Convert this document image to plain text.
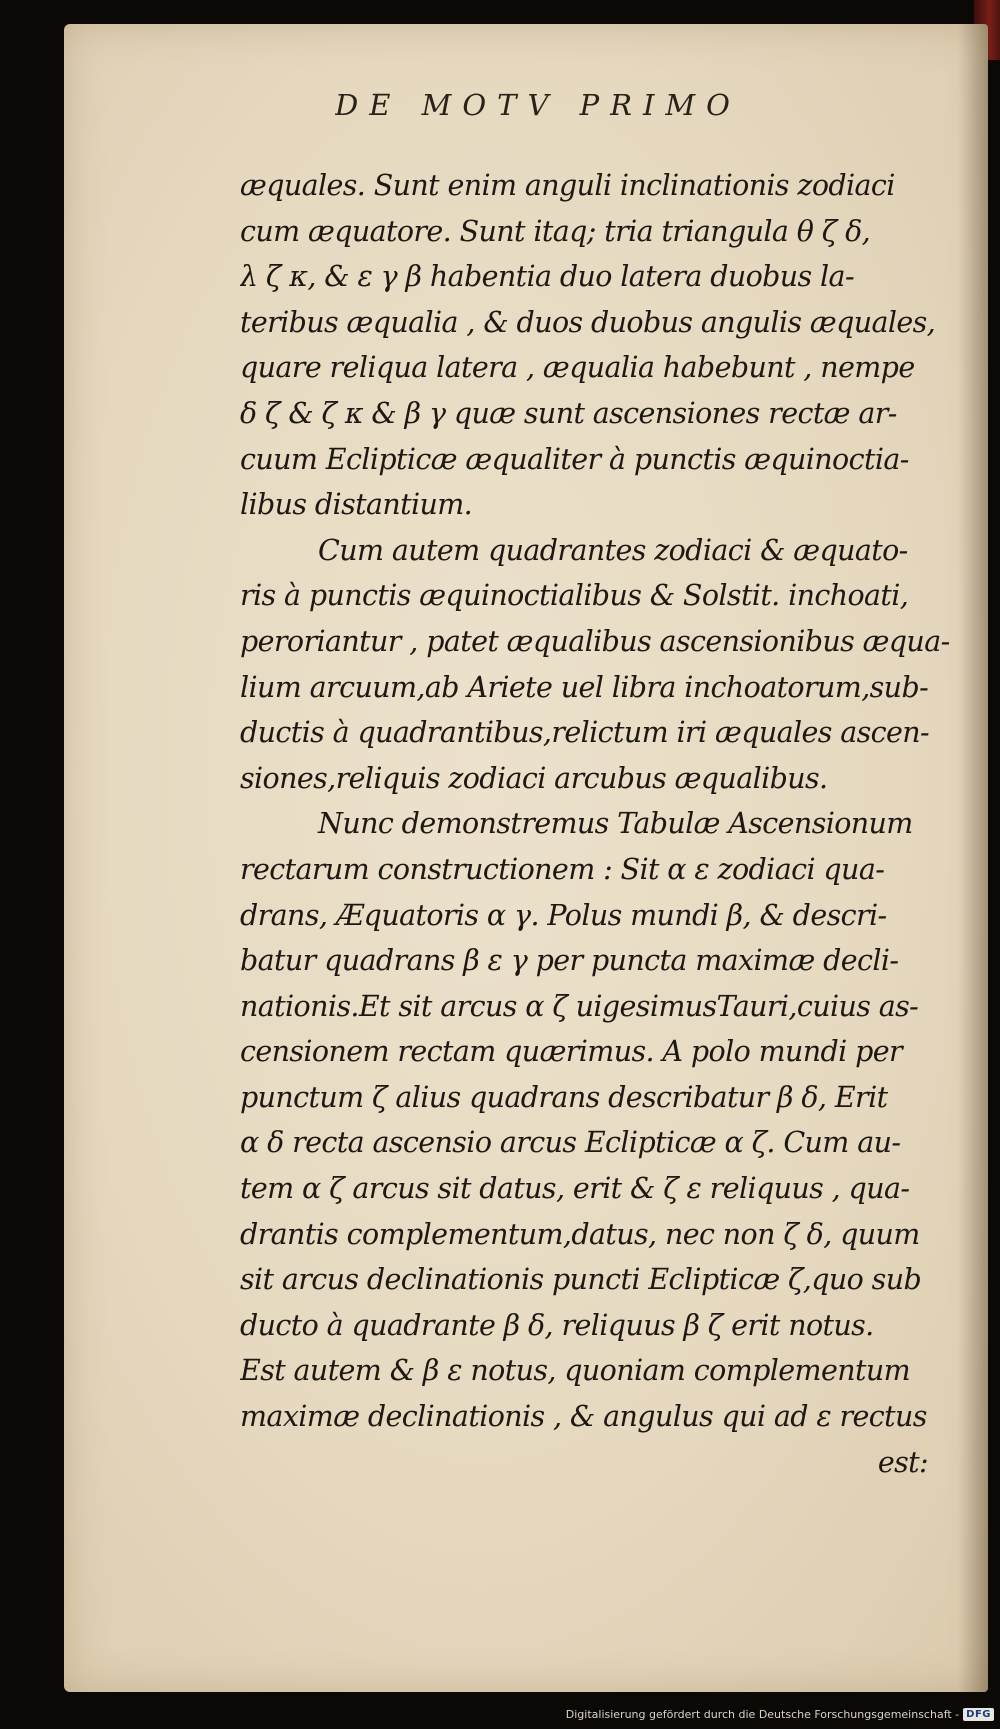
DE MOTV PRIMO
æquales. Sunt enim anguli inclinationis zodiaci
cum æquatore. Sunt itaq; tria triangula θ ζ δ,
λ ζ κ, & ε γ β habentia duo latera duobus la-
teribus æqualia , & duos duobus angulis æquales,
quare reliqua latera , æqualia habebunt , nempe
δ ζ & ζ κ & β γ quæ sunt ascensiones rectæ ar-
cuum Eclipticæ æqualiter à punctis æquinoctia-
libus distantium.
Cum autem quadrantes zodiaci & æquato-
ris à punctis æquinoctialibus & Solstit. inchoati,
peroriantur , patet æqualibus ascensionibus æqua-
lium arcuum,ab Ariete uel libra inchoatorum,sub-
ductis à quadrantibus,relictum iri æquales ascen-
siones,reliquis zodiaci arcubus æqualibus.
Nunc demonstremus Tabulæ Ascensionum
rectarum constructionem : Sit α ε zodiaci qua-
drans, Æquatoris α γ. Polus mundi β, & descri-
batur quadrans β ε γ per puncta maximæ decli-
nationis.Et sit arcus α ζ uigesimusTauri,cuius as-
censionem rectam quærimus. A polo mundi per
punctum ζ alius quadrans describatur β δ, Erit
α δ recta ascensio arcus Eclipticæ α ζ. Cum au-
tem α ζ arcus sit datus, erit & ζ ε reliquus , qua-
drantis complementum,datus, nec non ζ δ, quum
sit arcus declinationis puncti Eclipticæ ζ,quo sub
ducto à quadrante β δ, reliquus β ζ erit notus.
Est autem & β ε notus, quoniam complementum
maximæ declinationis , & angulus qui ad ε rectus
est:
Digitalisierung gefördert durch die Deutsche Forschungsgemeinschaft - DFG
